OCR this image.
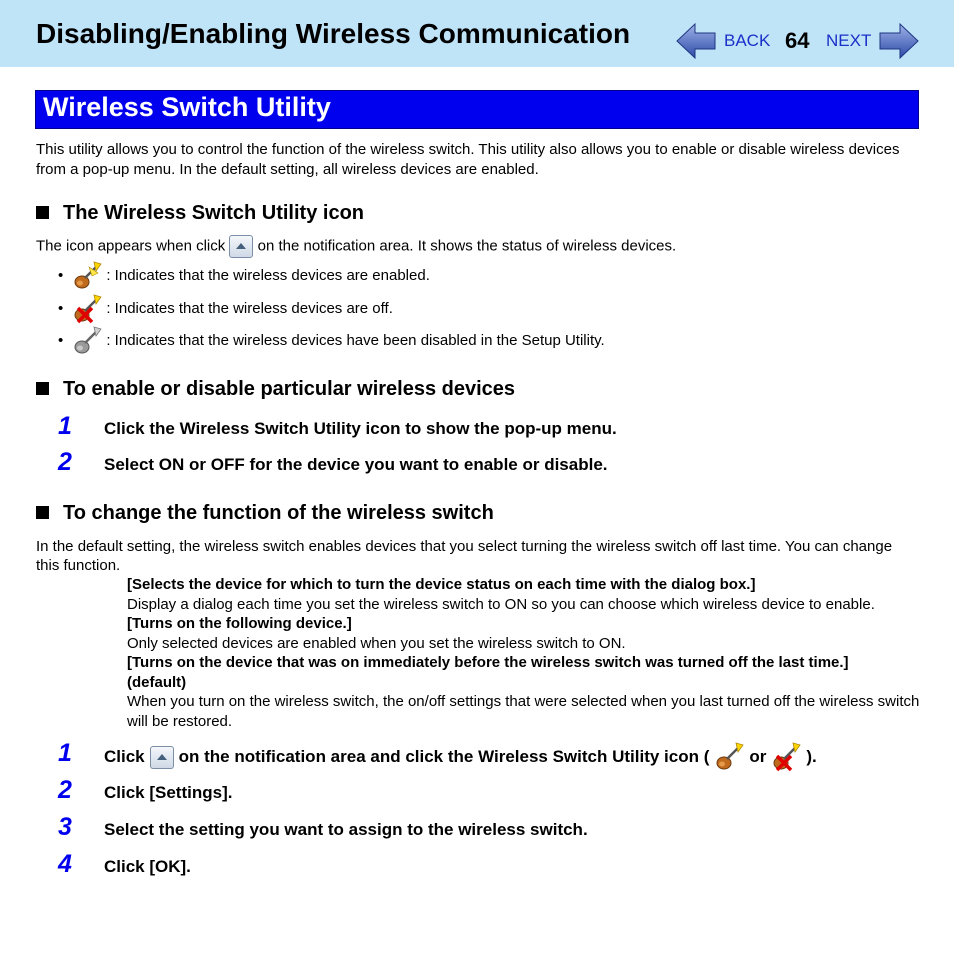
Disabling/Enabling Wireless Communication	BACK 64 NEXT
Wireless Switch Utility
This utility allows you to control the function of the wireless switch. This utility also allows you to enable or disable wireless devices from a pop-up menu. In the default setting, all wireless devices are enabled.
The Wireless Switch Utility icon
The icon appears when click on the notification area. It shows the status of wireless devices.
•	: Indicates that the wireless devices are enabled.
•	: Indicates that the wireless devices are off.
•	: Indicates that the wireless devices have been disabled in the Setup Utility.
To enable or disable particular wireless devices
1 Click the Wireless Switch Utility icon to show the pop-up menu.
2 Select ON or OFF for the device you want to enable or disable.
To change the function of the wireless switch
In the default setting, the wireless switch enables devices that you select turning the wireless switch off last time. You can change this function.
[Selects the device for which to turn the device status on each time with the dialog box.]
Display a dialog each time you set the wireless switch to ON so you can choose which wireless device to enable.
[Turns on the following device.]
Only selected devices are enabled when you set the wireless switch to ON.
[Turns on the device that was on immediately before the wireless switch was turned off the last time.] (default)
When you turn on the wireless switch, the on/off settings that were selected when you last turned off the wireless switch will be restored.
1 Click on the notification area and click the Wireless Switch Utility icon ( or ).
2 Click [Settings].
3 Select the setting you want to assign to the wireless switch.
4 Click [OK].
